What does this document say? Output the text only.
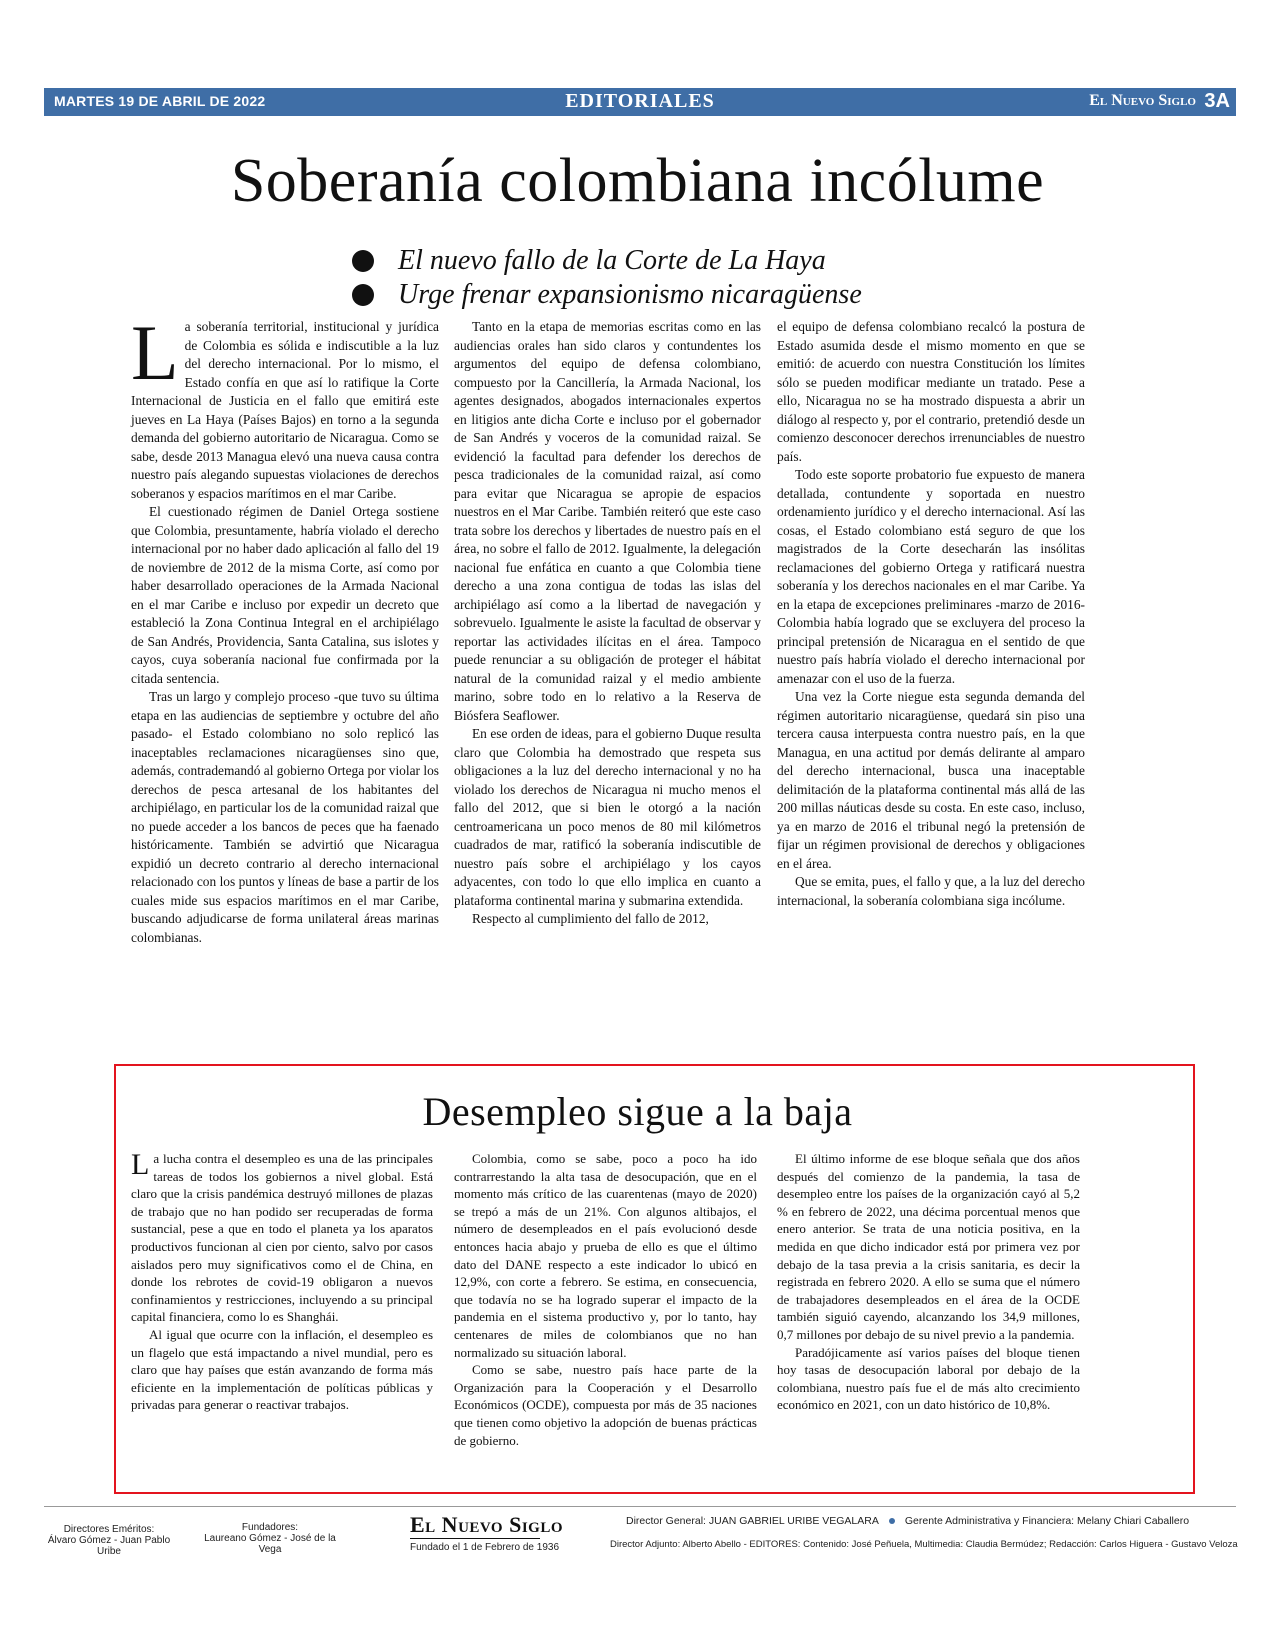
MARTES 19 DE ABRIL DE 2022	EDITORIALES	El Nuevo Siglo 3A
Soberanía colombiana incólume
El nuevo fallo de la Corte de La Haya
Urge frenar expansionismo nicaragüense

La soberanía territorial, institucional y jurídica de Colombia es sólida e indiscutible a la luz del derecho internacional. Por lo mismo, el Estado confía en que así lo ratifique la Corte Internacional de Justicia en el fallo que emitirá este jueves en La Haya (Países Bajos) en torno a la segunda demanda del gobierno autoritario de Nicaragua. Como se sabe, desde 2013 Managua elevó una nueva causa contra nuestro país alegando supuestas violaciones de derechos soberanos y espacios marítimos en el mar Caribe.

El cuestionado régimen de Daniel Ortega sostiene que Colombia, presuntamente, habría violado el derecho internacional por no haber dado aplicación al fallo del 19 de noviembre de 2012 de la misma Corte, así como por haber desarrollado operaciones de la Armada Nacional en el mar Caribe e incluso por expedir un decreto que estableció la Zona Continua Integral en el archipiélago de San Andrés, Providencia, Santa Catalina, sus islotes y cayos, cuya soberanía nacional fue confirmada por la citada sentencia.

Tras un largo y complejo proceso -que tuvo su última etapa en las audiencias de septiembre y octubre del año pasado- el Estado colombiano no solo replicó las inaceptables reclamaciones nicaragüenses sino que, además, contrademandó al gobierno Ortega por violar los derechos de pesca artesanal de los habitantes del archipiélago, en particular los de la comunidad raizal que no puede acceder a los bancos de peces que ha faenado históricamente. También se advirtió que Nicaragua expidió un decreto contrario al derecho internacional relacionado con los puntos y líneas de base a partir de los cuales mide sus espacios marítimos en el mar Caribe, buscando adjudicarse de forma unilateral áreas marinas colombianas.

Tanto en la etapa de memorias escritas como en las audiencias orales han sido claros y contundentes los argumentos del equipo de defensa colombiano, compuesto por la Cancillería, la Armada Nacional, los agentes designados, abogados internacionales expertos en litigios ante dicha Corte e incluso por el gobernador de San Andrés y voceros de la comunidad raizal. Se evidenció la facultad para defender los derechos de pesca tradicionales de la comunidad raizal, así como para evitar que Nicaragua se apropie de espacios nuestros en el Mar Caribe. También reiteró que este caso trata sobre los derechos y libertades de nuestro país en el área, no sobre el fallo de 2012. Igualmente, la delegación nacional fue enfática en cuanto a que Colombia tiene derecho a una zona contigua de todas las islas del archipiélago así como a la libertad de navegación y sobrevuelo. Igualmente le asiste la facultad de observar y reportar las actividades ilícitas en el área. Tampoco puede renunciar a su obligación de proteger el hábitat natural de la comunidad raizal y el medio ambiente marino, sobre todo en lo relativo a la Reserva de Biósfera Seaflower.

En ese orden de ideas, para el gobierno Duque resulta claro que Colombia ha demostrado que respeta sus obligaciones a la luz del derecho internacional y no ha violado los derechos de Nicaragua ni mucho menos el fallo del 2012, que si bien le otorgó a la nación centroamericana un poco menos de 80 mil kilómetros cuadrados de mar, ratificó la soberanía indiscutible de nuestro país sobre el archipiélago y los cayos adyacentes, con todo lo que ello implica en cuanto a plataforma continental marina y submarina extendida.

Respecto al cumplimiento del fallo de 2012,

el equipo de defensa colombiano recalcó la postura de Estado asumida desde el mismo momento en que se emitió: de acuerdo con nuestra Constitución los límites sólo se pueden modificar mediante un tratado. Pese a ello, Nicaragua no se ha mostrado dispuesta a abrir un diálogo al respecto y, por el contrario, pretendió desde un comienzo desconocer derechos irrenunciables de nuestro país.

Todo este soporte probatorio fue expuesto de manera detallada, contundente y soportada en nuestro ordenamiento jurídico y el derecho internacional. Así las cosas, el Estado colombiano está seguro de que los magistrados de la Corte desecharán las insólitas reclamaciones del gobierno Ortega y ratificará nuestra soberanía y los derechos nacionales en el mar Caribe. Ya en la etapa de excepciones preliminares -marzo de 2016- Colombia había logrado que se excluyera del proceso la principal pretensión de Nicaragua en el sentido de que nuestro país habría violado el derecho internacional por amenazar con el uso de la fuerza.

Una vez la Corte niegue esta segunda demanda del régimen autoritario nicaragüense, quedará sin piso una tercera causa interpuesta contra nuestro país, en la que Managua, en una actitud por demás delirante al amparo del derecho internacional, busca una inaceptable delimitación de la plataforma continental más allá de las 200 millas náuticas desde su costa. En este caso, incluso, ya en marzo de 2016 el tribunal negó la pretensión de fijar un régimen provisional de derechos y obligaciones en el área.

Que se emita, pues, el fallo y que, a la luz del derecho internacional, la soberanía colombiana siga incólume.

Desempleo sigue a la baja

La lucha contra el desempleo es una de las principales tareas de todos los gobiernos a nivel global. Está claro que la crisis pandémica destruyó millones de plazas de trabajo que no han podido ser recuperadas de forma sustancial, pese a que en todo el planeta ya los aparatos productivos funcionan al cien por ciento, salvo por casos aislados pero muy significativos como el de China, en donde los rebrotes de covid-19 obligaron a nuevos confinamientos y restricciones, incluyendo a su principal capital financiera, como lo es Shanghái.

Al igual que ocurre con la inflación, el desempleo es un flagelo que está impactando a nivel mundial, pero es claro que hay países que están avanzando de forma más eficiente en la implementación de políticas públicas y privadas para generar o reactivar trabajos.

Colombia, como se sabe, poco a poco ha ido contrarrestando la alta tasa de desocupación, que en el momento más crítico de las cuarentenas (mayo de 2020) se trepó a más de un 21%. Con algunos altibajos, el número de desempleados en el país evolucionó desde entonces hacia abajo y prueba de ello es que el último dato del DANE respecto a este indicador lo ubicó en 12,9%, con corte a febrero. Se estima, en consecuencia, que todavía no se ha logrado superar el impacto de la pandemia en el sistema productivo y, por lo tanto, hay centenares de miles de colombianos que no han normalizado su situación laboral.

Como se sabe, nuestro país hace parte de la Organización para la Cooperación y el Desarrollo Económicos (OCDE), compuesta por más de 35 naciones que tienen como objetivo la adopción de buenas prácticas de gobierno.

El último informe de ese bloque señala que dos años después del comienzo de la pandemia, la tasa de desempleo entre los países de la organización cayó al 5,2 % en febrero de 2022, una décima porcentual menos que enero anterior. Se trata de una noticia positiva, en la medida en que dicho indicador está por primera vez por debajo de la tasa previa a la crisis sanitaria, es decir la registrada en febrero 2020. A ello se suma que el número de trabajadores desempleados en el área de la OCDE también siguió cayendo, alcanzando los 34,9 millones, 0,7 millones por debajo de su nivel previo a la pandemia.

Paradójicamente así varios países del bloque tienen hoy tasas de desocupación laboral por debajo de la colombiana, nuestro país fue el de más alto crecimiento económico en 2021, con un dato histórico de 10,8%.

Directores Eméritos:
Álvaro Gómez - Juan Pablo Uribe
Fundadores:
Laureano Gómez - José de la Vega
El Nuevo Siglo
Fundado el 1 de Febrero de 1936
Director General: JUAN GABRIEL URIBE VEGALARA Gerente Administrativa y Financiera: Melany Chiari Caballero
Director Adjunto: Alberto Abello - EDITORES: Contenido: José Peñuela, Multimedia: Claudia Bermúdez; Redacción: Carlos Higuera - Gustavo Veloza
